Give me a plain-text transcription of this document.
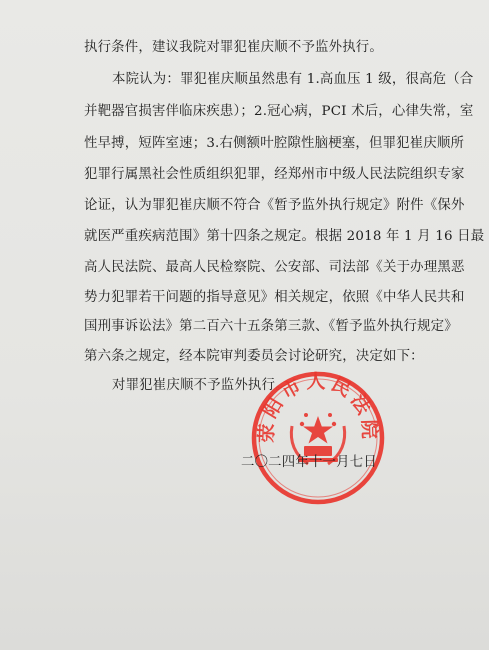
执行条件，建议我院对罪犯崔庆顺不予监外执行。
本院认为：罪犯崔庆顺虽然患有 1.高血压 1 级，很高危（合
并靶器官损害伴临床疾患）；2.冠心病，PCI 术后，心律失常，室
性早搏，短阵室速；3.右侧额叶腔隙性脑梗塞，但罪犯崔庆顺所
犯罪行属黑社会性质组织犯罪，经郑州市中级人民法院组织专家
论证，认为罪犯崔庆顺不符合《暂予监外执行规定》附件《保外
就医严重疾病范围》第十四条之规定。根据 2018 年 1 月 16 日最
高人民法院、最高人民检察院、公安部、司法部《关于办理黑恶
势力犯罪若干问题的指导意见》相关规定，依照《中华人民共和
国刑事诉讼法》第二百六十五条第三款、《暂予监外执行规定》
第六条之规定，经本院审判委员会讨论研究，决定如下：
对罪犯崔庆顺不予监外执行。
荥阳市人民法院
二〇二四年十一月七日
